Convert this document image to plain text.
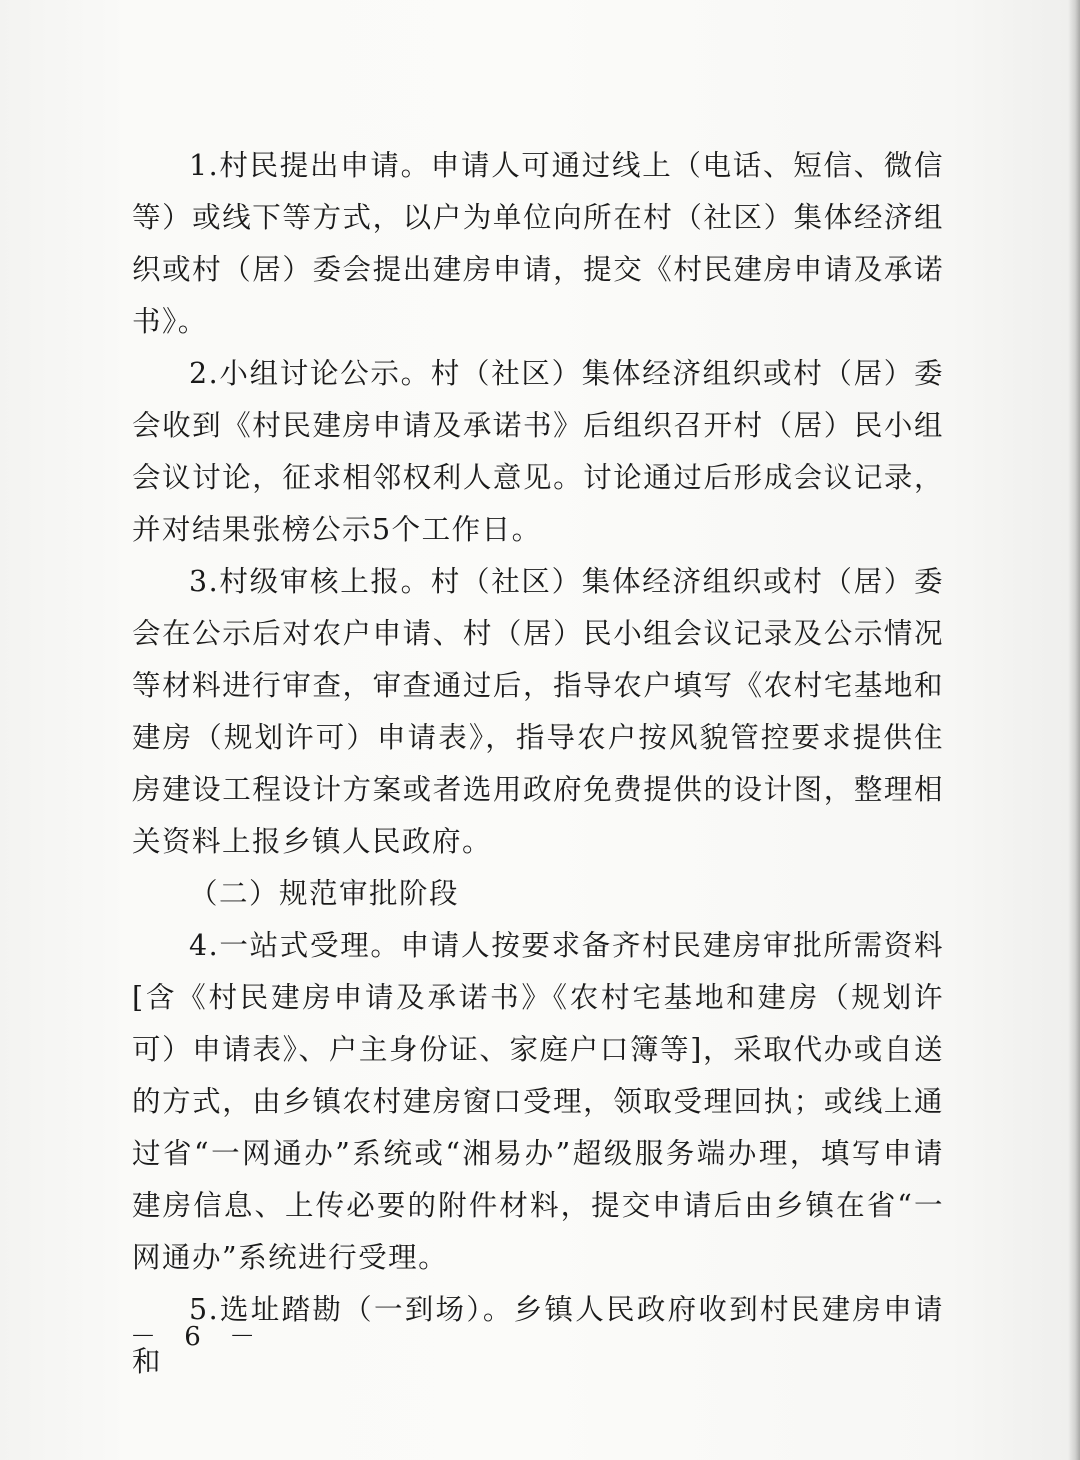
1.村民提出申请。申请人可通过线上（电话、短信、微信等）或线下等方式，以户为单位向所在村（社区）集体经济组织或村（居）委会提出建房申请，提交《村民建房申请及承诺书》。

2.小组讨论公示。村（社区）集体经济组织或村（居）委会收到《村民建房申请及承诺书》后组织召开村（居）民小组会议讨论，征求相邻权利人意见。讨论通过后形成会议记录，并对结果张榜公示5个工作日。

3.村级审核上报。村（社区）集体经济组织或村（居）委会在公示后对农户申请、村（居）民小组会议记录及公示情况等材料进行审查，审查通过后，指导农户填写《农村宅基地和建房（规划许可）申请表》，指导农户按风貌管控要求提供住房建设工程设计方案或者选用政府免费提供的设计图，整理相关资料上报乡镇人民政府。

（二）规范审批阶段

4.一站式受理。申请人按要求备齐村民建房审批所需资料[含《村民建房申请及承诺书》《农村宅基地和建房（规划许可）申请表》、户主身份证、家庭户口簿等]，采取代办或自送的方式，由乡镇农村建房窗口受理，领取受理回执；或线上通过省“一网通办”系统或“湘易办”超级服务端办理，填写申请建房信息、上传必要的附件材料，提交申请后由乡镇在省“一网通办”系统进行受理。

5.选址踏勘（一到场）。乡镇人民政府收到村民建房申请和

－ 6 －
